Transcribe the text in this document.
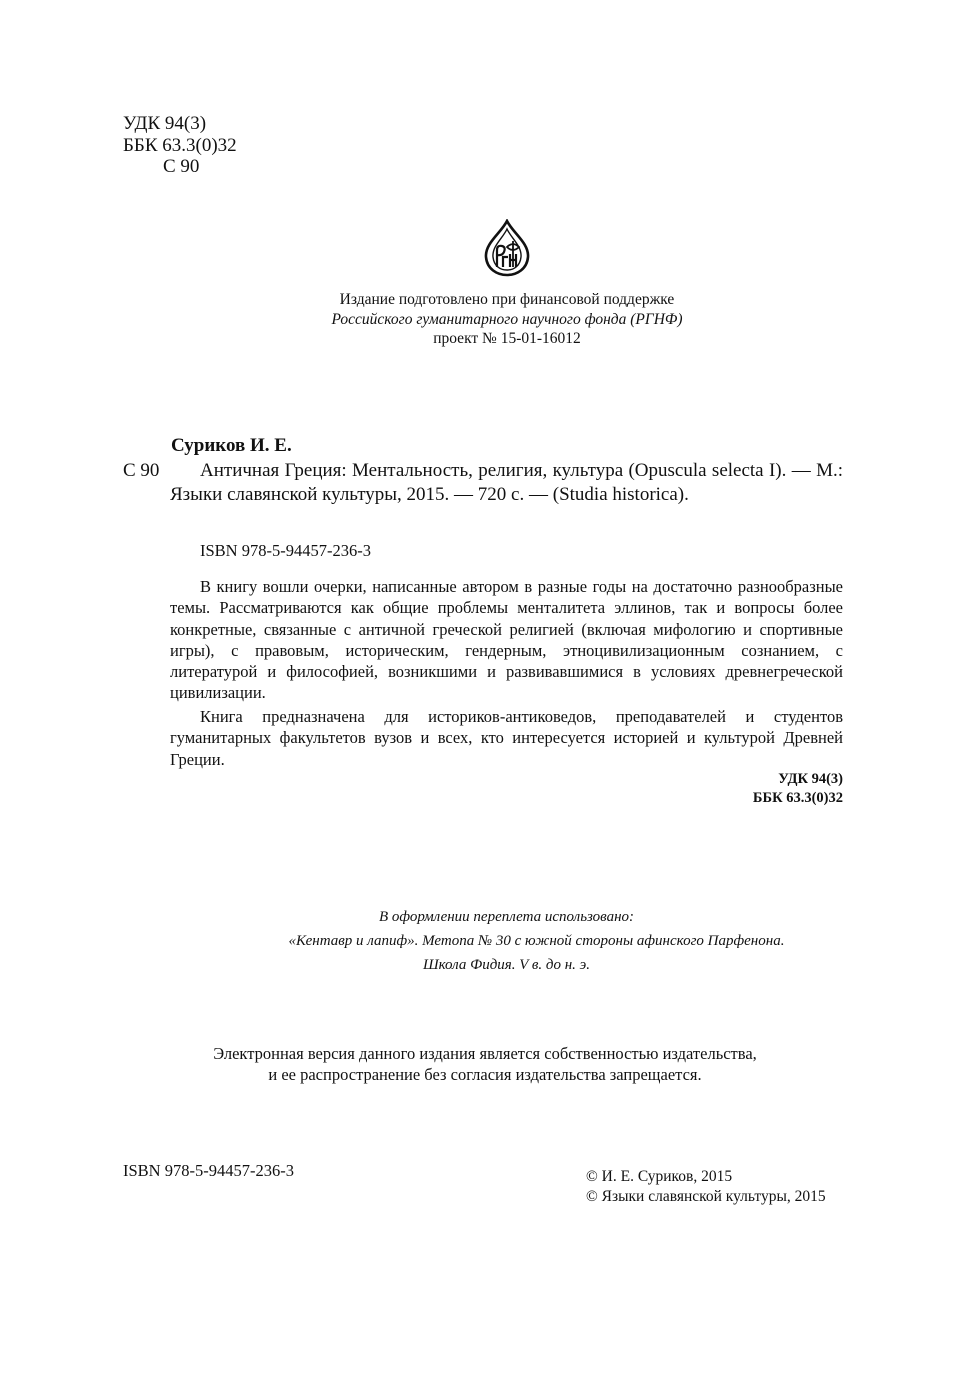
УДК 94(3)
ББК 63.3(0)32
С 90
Издание подготовлено при финансовой поддержке
Российского гуманитарного научного фонда (РГНФ)
проект № 15-01-16012
Суриков И. Е.
С 90	Античная Греция: Ментальность, религия, культура (Opuscula selecta I). — М.: Языки славянской культуры, 2015. — 720 с. — (Studia historica).

ISBN 978-5-94457-236-3

В книгу вошли очерки, написанные автором в разные годы на достаточно разнообразные темы. Рассматриваются как общие проблемы менталитета эллинов, так и вопросы более конкретные, связанные с античной греческой религией (включая мифологию и спортивные игры), с правовым, историческим, гендерным, этноцивилизационным сознанием, с литературой и философией, возникшими и развивавшимися в условиях древнегреческой цивилизации.

Книга предназначена для историков-антиковедов, преподавателей и студентов гуманитарных факультетов вузов и всех, кто интересуется историей и культурой Древней Греции.

УДК 94(3)
ББК 63.3(0)32
В оформлении переплета использовано:
«Кентавр и лапиф». Метопа № 30 с южной стороны афинского Парфенона.
Школа Фидия. V в. до н. э.
Электронная версия данного издания является собственностью издательства,
и ее распространение без согласия издательства запрещается.
ISBN 978-5-94457-236-3	© И. Е. Суриков, 2015
© Языки славянской культуры, 2015
